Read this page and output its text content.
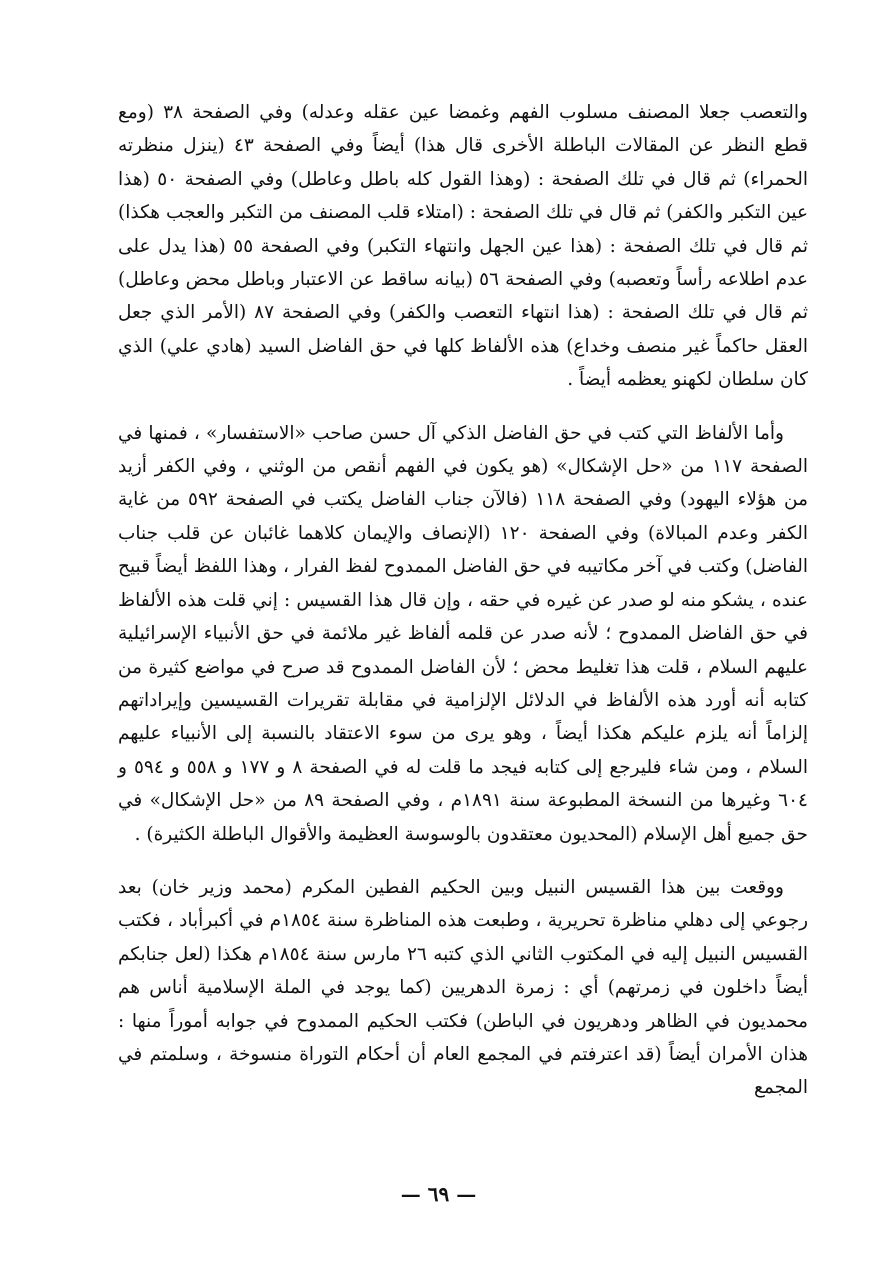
والتعصب جعلا المصنف مسلوب الفهم وغمضا عين عقله وعدله) وفي الصفحة ٣٨ (ومع قطع النظر عن المقالات الباطلة الأخرى قال هذا) أيضاً وفي الصفحة ٤٣ (ينزل منظرته الحمراء) ثم قال في تلك الصفحة : (وهذا القول كله باطل وعاطل) وفي الصفحة ٥٠ (هذا عين التكبر والكفر) ثم قال في تلك الصفحة : (امتلاء قلب المصنف من التكبر والعجب هكذا) ثم قال في تلك الصفحة : (هذا عين الجهل وانتهاء التكبر) وفي الصفحة ٥٥ (هذا يدل على عدم اطلاعه رأساً وتعصبه) وفي الصفحة ٥٦ (بيانه ساقط عن الاعتبار وباطل محض وعاطل) ثم قال في تلك الصفحة : (هذا انتهاء التعصب والكفر) وفي الصفحة ٨٧ (الأمر الذي جعل العقل حاكماً غير منصف وخداع) هذه الألفاظ كلها في حق الفاضل السيد (هادي علي) الذي كان سلطان لكهنو يعظمه أيضاً .

وأما الألفاظ التي كتب في حق الفاضل الذكي آل حسن صاحب «الاستفسار» ، فمنها في الصفحة ١١٧ من «حل الإشكال» (هو يكون في الفهم أنقص من الوثني ، وفي الكفر أزيد من هؤلاء اليهود) وفي الصفحة ١١٨ (فالآن جناب الفاضل يكتب في الصفحة ٥٩٢ من غاية الكفر وعدم المبالاة) وفي الصفحة ١٢٠ (الإنصاف والإيمان كلاهما غائبان عن قلب جناب الفاضل) وكتب في آخر مكاتيبه في حق الفاضل الممدوح لفظ الفرار ، وهذا اللفظ أيضاً قبيح عنده ، يشكو منه لو صدر عن غيره في حقه ، وإن قال هذا القسيس : إني قلت هذه الألفاظ في حق الفاضل الممدوح ؛ لأنه صدر عن قلمه ألفاظ غير ملائمة في حق الأنبياء الإسرائيلية عليهم السلام ، قلت هذا تغليط محض ؛ لأن الفاضل الممدوح قد صرح في مواضع كثيرة من كتابه أنه أورد هذه الألفاظ في الدلائل الإلزامية في مقابلة تقريرات القسيسين وإيراداتهم إلزاماً أنه يلزم عليكم هكذا أيضاً ، وهو يرى من سوء الاعتقاد بالنسبة إلى الأنبياء عليهم السلام ، ومن شاء فليرجع إلى كتابه فيجد ما قلت له في الصفحة ٨ و ١٧٧ و ٥٥٨ و ٥٩٤ و ٦٠٤ وغيرها من النسخة المطبوعة سنة ١٨٩١م ، وفي الصفحة ٨٩ من «حل الإشكال» في حق جميع أهل الإسلام (المحديون معتقدون بالوسوسة العظيمة والأقوال الباطلة الكثيرة) .

ووقعت بين هذا القسيس النبيل وبين الحكيم الفطين المكرم (محمد وزير خان) بعد رجوعي إلى دهلي مناظرة تحريرية ، وطبعت هذه المناظرة سنة ١٨٥٤م في أكبرأباد ، فكتب القسيس النبيل إليه في المكتوب الثاني الذي كتبه ٢٦ مارس سنة ١٨٥٤م هكذا (لعل جنابكم أيضاً داخلون في زمرتهم) أي : زمرة الدهريين (كما يوجد في الملة الإسلامية أناس هم محمديون في الظاهر ودهريون في الباطن) فكتب الحكيم الممدوح في جوابه أموراً منها : هذان الأمران أيضاً (قد اعترفتم في المجمع العام أن أحكام التوراة منسوخة ، وسلمتم في المجمع

— ٦٩ —
